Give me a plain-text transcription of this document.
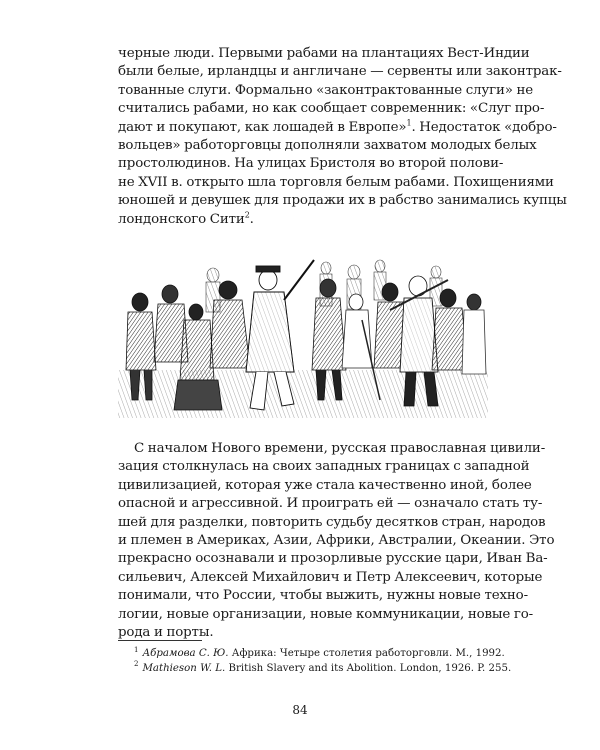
черные люди. Первыми рабами на плантациях Вест-Индии
были белые, ирландцы и англичане — сервенты или законтрак-
тованные слуги. Формально «законтрактованные слуги» не
считались рабами, но как сообщает современник: «Слуг про-
дают и покупают, как лошадей в Европе»$^1$. Недостаток «добро-
вольцев» работорговцы дополняли захватом молодых белых
простолюдинов. На улицах Бристоля во второй полови-
не XVII в. открыто шла торговля белым рабами. Похищениями
юношей и девушек для продажи их в рабство занимались купцы
лондонского Сити$^2$.
С началом Нового времени, русская православная цивили-
зация столкнулась на своих западных границах с западной
цивилизацией, которая уже стала качественно иной, более
опасной и агрессивной. И проиграть ей — означало стать ту-
шей для разделки, повторить судьбу десятков стран, народов
и племен в Америках, Азии, Африки, Австралии, Океании. Это
прекрасно осознавали и прозорливые русские цари, Иван Ва-
сильевич, Алексей Михайлович и Петр Алексеевич, которые
понимали, что России, чтобы выжить, нужны новые техно-
логии, новые организации, новые коммуникации, новые го-
рода и порты.
$^1$ Абрамова С. Ю. Африка: Четыре столетия работорговли. М., 1992.
$^2$ Mathieson W. L. British Slavery and its Abolition. London, 1926. P. 255.
84
